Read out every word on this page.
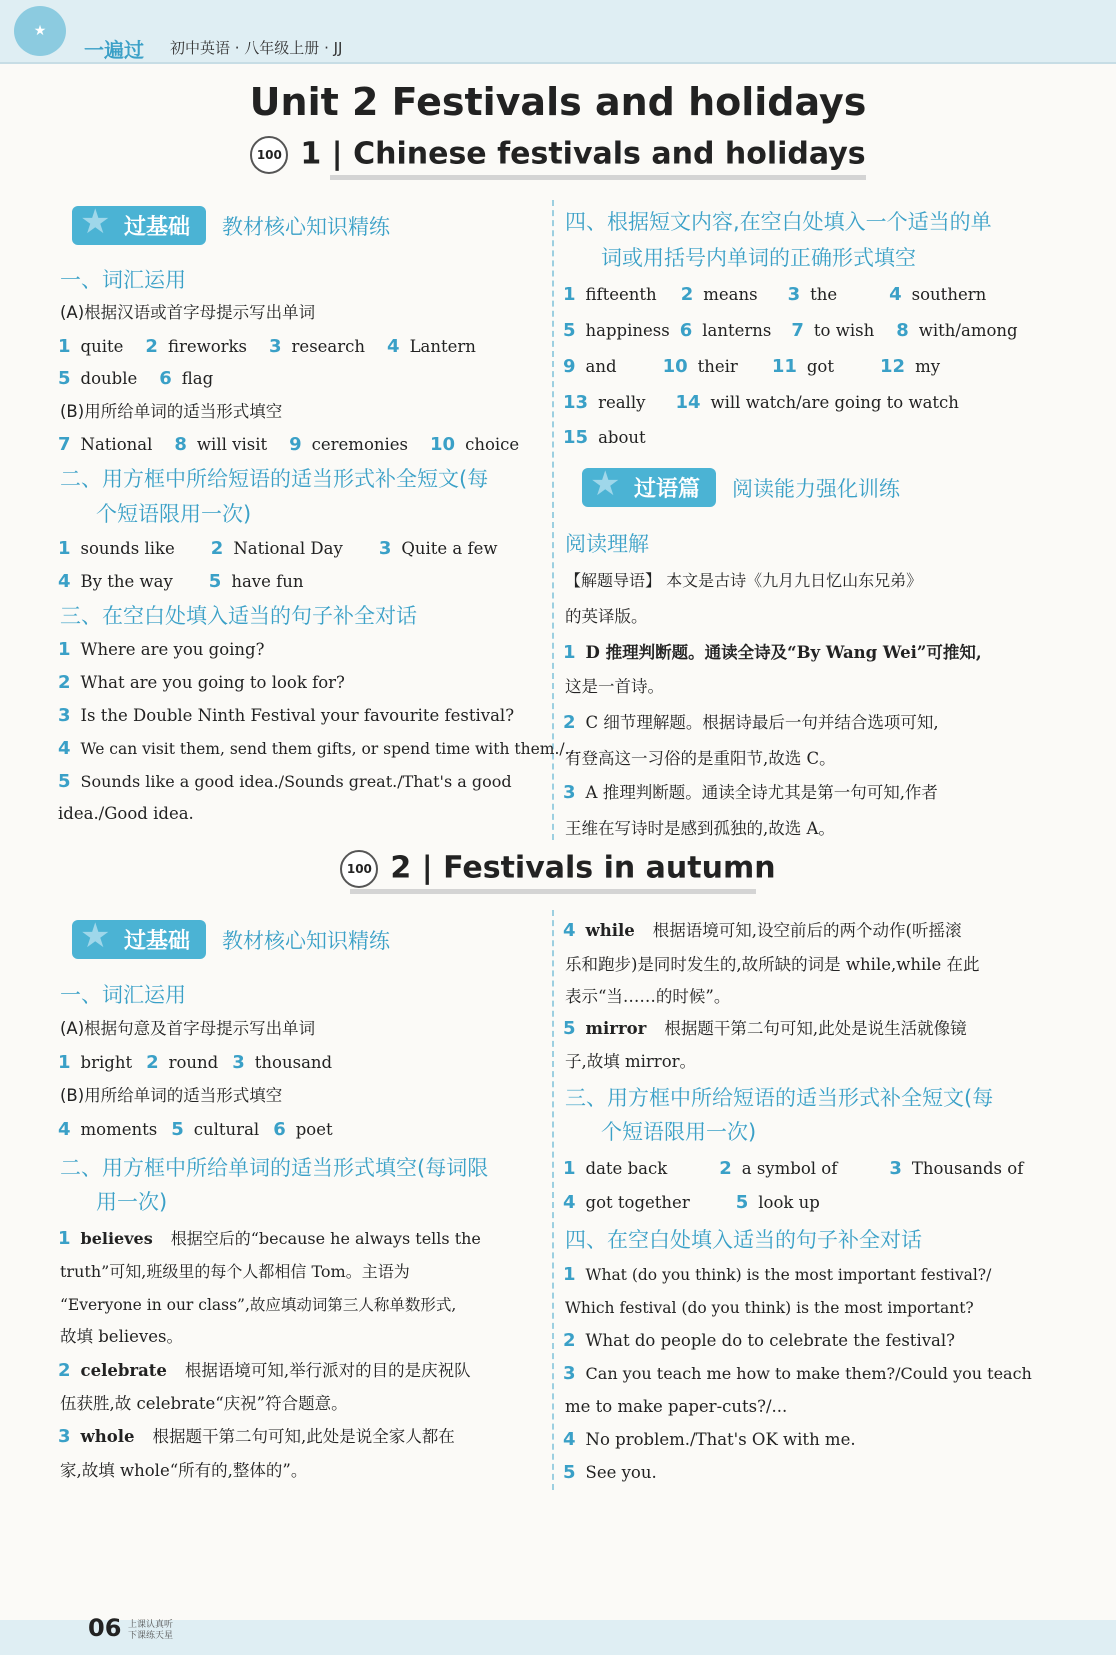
★
一遍过 初中英语 · 八年级上册 · JJ
Unit 2 Festivals and holidays
100 1 | Chinese festivals and holidays
★ 过基础	教材核心知识精练
一、词汇运用
(A)根据汉语或首字母提示写出单词
1 quite 2 fireworks 3 research 4 Lantern
5 double 6 flag
(B)用所给单词的适当形式填空
7 National 8 will visit 9 ceremonies 10 choice
二、用方框中所给短语的适当形式补全短文(每
个短语限用一次)
1 sounds like 2 National Day 3 Quite a few
4 By the way 5 have fun
三、在空白处填入适当的句子补全对话
1 Where are you going?
2 What are you going to look for?
3 Is the Double Ninth Festival your favourite festival?
4 We can visit them, send them gifts, or spend time with them./...
5 Sounds like a good idea./Sounds great./That's a good
idea./Good idea.
四、根据短文内容,在空白处填入一个适当的单
词或用括号内单词的正确形式填空
1 fifteenth 2 means 3 the	4 southern
5 happiness 6 lanterns 7 to wish 8 with/among
9 and	10 their 11 got	12 my
13 really 14 will watch/are going to watch
15 about
★ 过语篇	阅读能力强化训练
阅读理解
【解题导语】 本文是古诗《九月九日忆山东兄弟》
的英译版。
1 D 推理判断题。通读全诗及“By Wang Wei”可推知,
这是一首诗。
2 C 细节理解题。根据诗最后一句并结合选项可知,
有登高这一习俗的是重阳节,故选 C。
3 A 推理判断题。通读全诗尤其是第一句可知,作者
王维在写诗时是感到孤独的,故选 A。
100 2 | Festivals in autumn
★ 过基础	教材核心知识精练
一、词汇运用
(A)根据句意及首字母提示写出单词
1 bright 2 round 3 thousand
(B)用所给单词的适当形式填空
4 moments 5 cultural 6 poet
二、用方框中所给单词的适当形式填空(每词限
用一次)
1 believes 根据空后的“because he always tells the
truth”可知,班级里的每个人都相信 Tom。主语为
“Everyone in our class”,故应填动词第三人称单数形式,
故填 believes。
2 celebrate 根据语境可知,举行派对的目的是庆祝队
伍获胜,故 celebrate“庆祝”符合题意。
3 whole 根据题干第二句可知,此处是说全家人都在
家,故填 whole“所有的,整体的”。
4 while 根据语境可知,设空前后的两个动作(听摇滚
乐和跑步)是同时发生的,故所缺的词是 while,while 在此
表示“当……的时候”。
5 mirror 根据题干第二句可知,此处是说生活就像镜
子,故填 mirror。
三、用方框中所给短语的适当形式补全短文(每
个短语限用一次)
1 date back	2 a symbol of	3 Thousands of
4 got together	5 look up
四、在空白处填入适当的句子补全对话
1 What (do you think) is the most important festival?/
Which festival (do you think) is the most important?
2 What do people do to celebrate the festival?
3 Can you teach me how to make them?/Could you teach
me to make paper-cuts?/...
4 No problem./That's OK with me.
5 See you.
06 上课认真听
下课练天星
